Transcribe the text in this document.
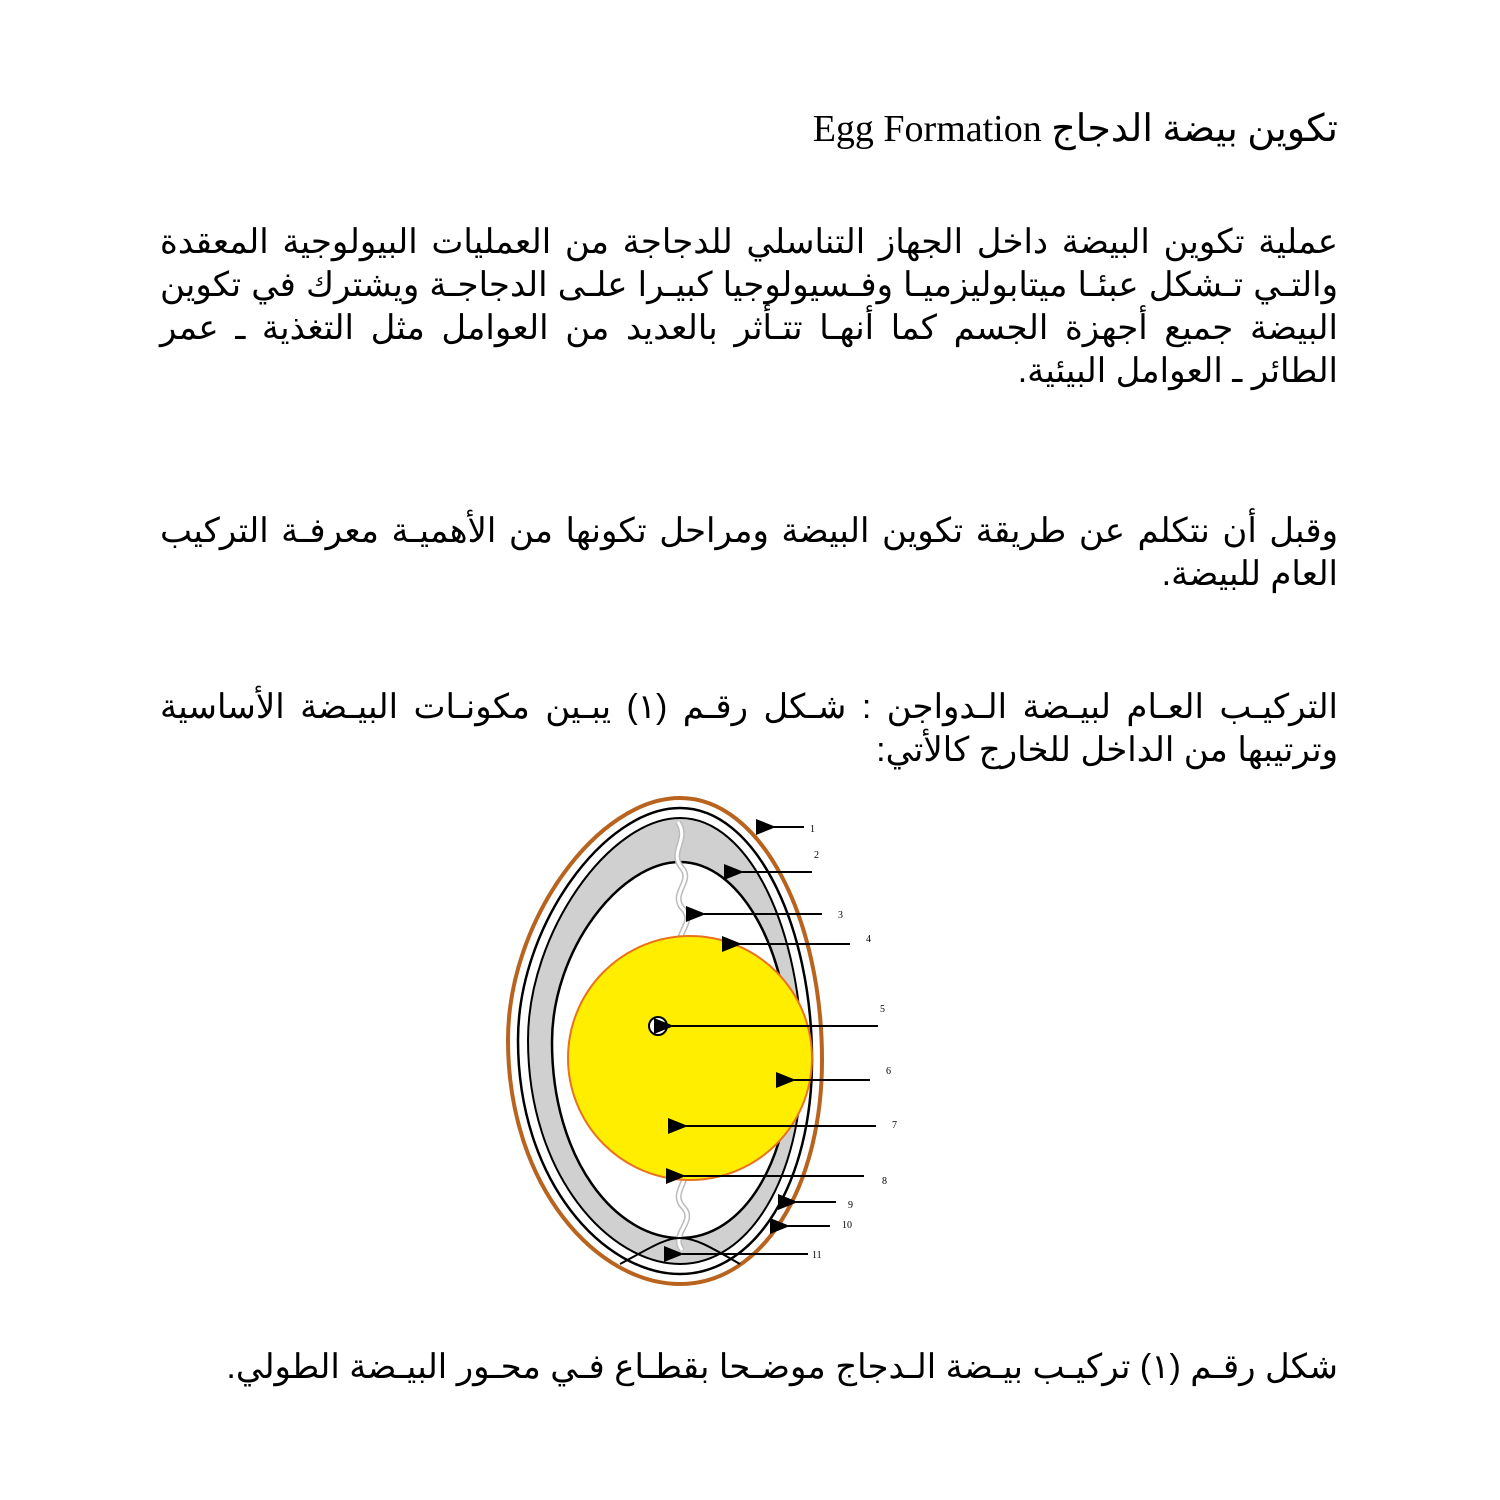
تكوين بيضة الدجاج Egg Formation

عملية تكوين البيضة داخل الجهاز التناسلي للدجاجة من العمليات البيولوجية المعقدة والتـي تـشكل عبئـا ميتابوليزميـا وفـسيولوجيا كبيـرا علـى الدجاجـة ويشترك في تكوين البيضة جميع أجهزة الجسم كما أنهـا تتـأثر بالعديد من العوامل مثل التغذية ـ عمر الطائر ـ العوامل البيئية.

وقبل أن نتكلم عن طريقة تكوين البيضة ومراحل تكونها من الأهميـة معرفـة التركيب العام للبيضة.

التركيـب العـام لبيـضة الـدواجن : شـكل رقـم (١) يبـين مكونـات البيـضة الأساسية وترتيبها من الداخل للخارج كالأتي:

1
2
3
4
5
6
7
8
9
10
11

شكل رقـم (١) تركيـب بيـضة الـدجاج موضـحا بقطـاع فـي محـور البيـضة الطولي.
